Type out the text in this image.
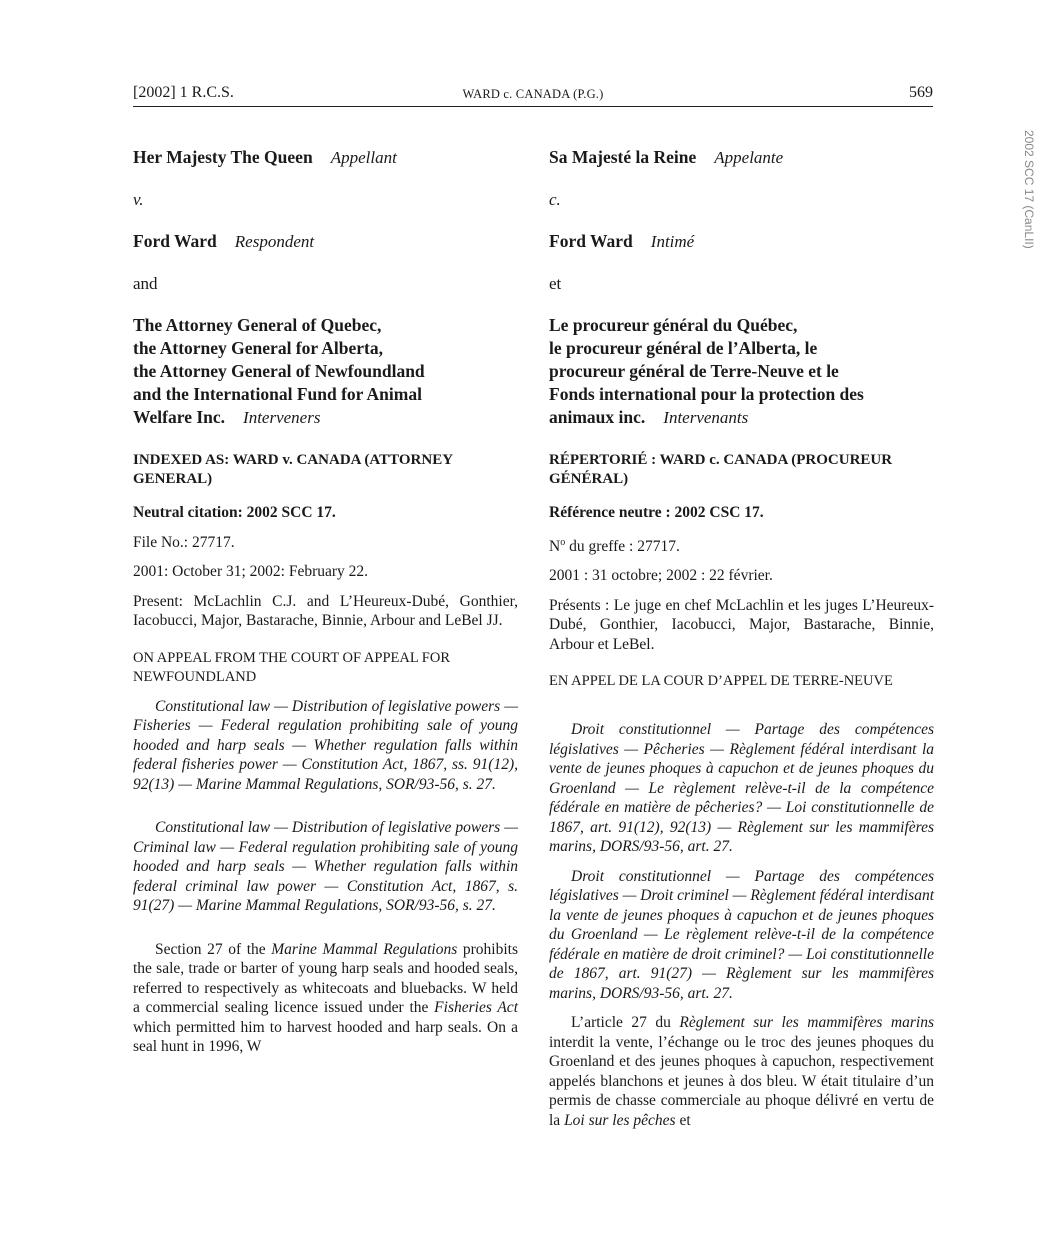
[2002] 1 R.C.S.	WARD c. CANADA (P.G.)	569
2002 SCC 17 (CanLII)
Her Majesty The Queen Appellant
v.
Ford Ward Respondent
and
The Attorney General of Quebec,
the Attorney General for Alberta,
the Attorney General of Newfoundland
and the International Fund for Animal
Welfare Inc. Interveners
INDEXED AS: WARD v. CANADA (ATTORNEY
GENERAL)
Neutral citation: 2002 SCC 17.
File No.: 27717.
2001: October 31; 2002: February 22.
Present: McLachlin C.J. and L’Heureux-Dubé, Gonthier, Iacobucci, Major, Bastarache, Binnie, Arbour and LeBel JJ.
ON APPEAL FROM THE COURT OF APPEAL FOR NEWFOUNDLAND
Constitutional law — Distribution of legislative powers — Fisheries — Federal regulation prohibiting sale of young hooded and harp seals — Whether regulation falls within federal fisheries power — Constitution Act, 1867, ss. 91(12), 92(13) — Marine Mammal Regulations, SOR/93-56, s. 27.
Constitutional law — Distribution of legislative powers — Criminal law — Federal regulation prohibiting sale of young hooded and harp seals — Whether regulation falls within federal criminal law power — Constitution Act, 1867, s. 91(27) — Marine Mammal Regulations, SOR/93-56, s. 27.
Section 27 of the Marine Mammal Regulations prohibits the sale, trade or barter of young harp seals and hooded seals, referred to respectively as whitecoats and bluebacks. W held a commercial sealing licence issued under the Fisheries Act which permitted him to harvest hooded and harp seals. On a seal hunt in 1996, W
Sa Majesté la Reine Appelante
c.
Ford Ward Intimé
et
Le procureur général du Québec,
le procureur général de l’Alberta, le
procureur général de Terre-Neuve et le
Fonds international pour la protection des
animaux inc. Intervenants
RÉPERTORIÉ : WARD c. CANADA (PROCUREUR
GÉNÉRAL)
Référence neutre : 2002 CSC 17.
$N^o$ du greffe : 27717.
2001 : 31 octobre; 2002 : 22 février.
Présents : Le juge en chef McLachlin et les juges L’Heureux-Dubé, Gonthier, Iacobucci, Major, Bastarache, Binnie, Arbour et LeBel.
EN APPEL DE LA COUR D’APPEL DE TERRE-NEUVE
Droit constitutionnel — Partage des compétences législatives — Pêcheries — Règlement fédéral interdisant la vente de jeunes phoques à capuchon et de jeunes phoques du Groenland — Le règlement relève-t-il de la compétence fédérale en matière de pêcheries? — Loi constitutionnelle de 1867, art. 91(12), 92(13) — Règlement sur les mammifères marins, DORS/93-56, art. 27.
Droit constitutionnel — Partage des compétences législatives — Droit criminel — Règlement fédéral interdisant la vente de jeunes phoques à capuchon et de jeunes phoques du Groenland — Le règlement relève-t-il de la compétence fédérale en matière de droit criminel? — Loi constitutionnelle de 1867, art. 91(27) — Règlement sur les mammifères marins, DORS/93-56, art. 27.
L’article 27 du Règlement sur les mammifères marins interdit la vente, l’échange ou le troc des jeunes phoques du Groenland et des jeunes phoques à capuchon, respectivement appelés blanchons et jeunes à dos bleu. W était titulaire d’un permis de chasse commerciale au phoque délivré en vertu de la Loi sur les pêches et
